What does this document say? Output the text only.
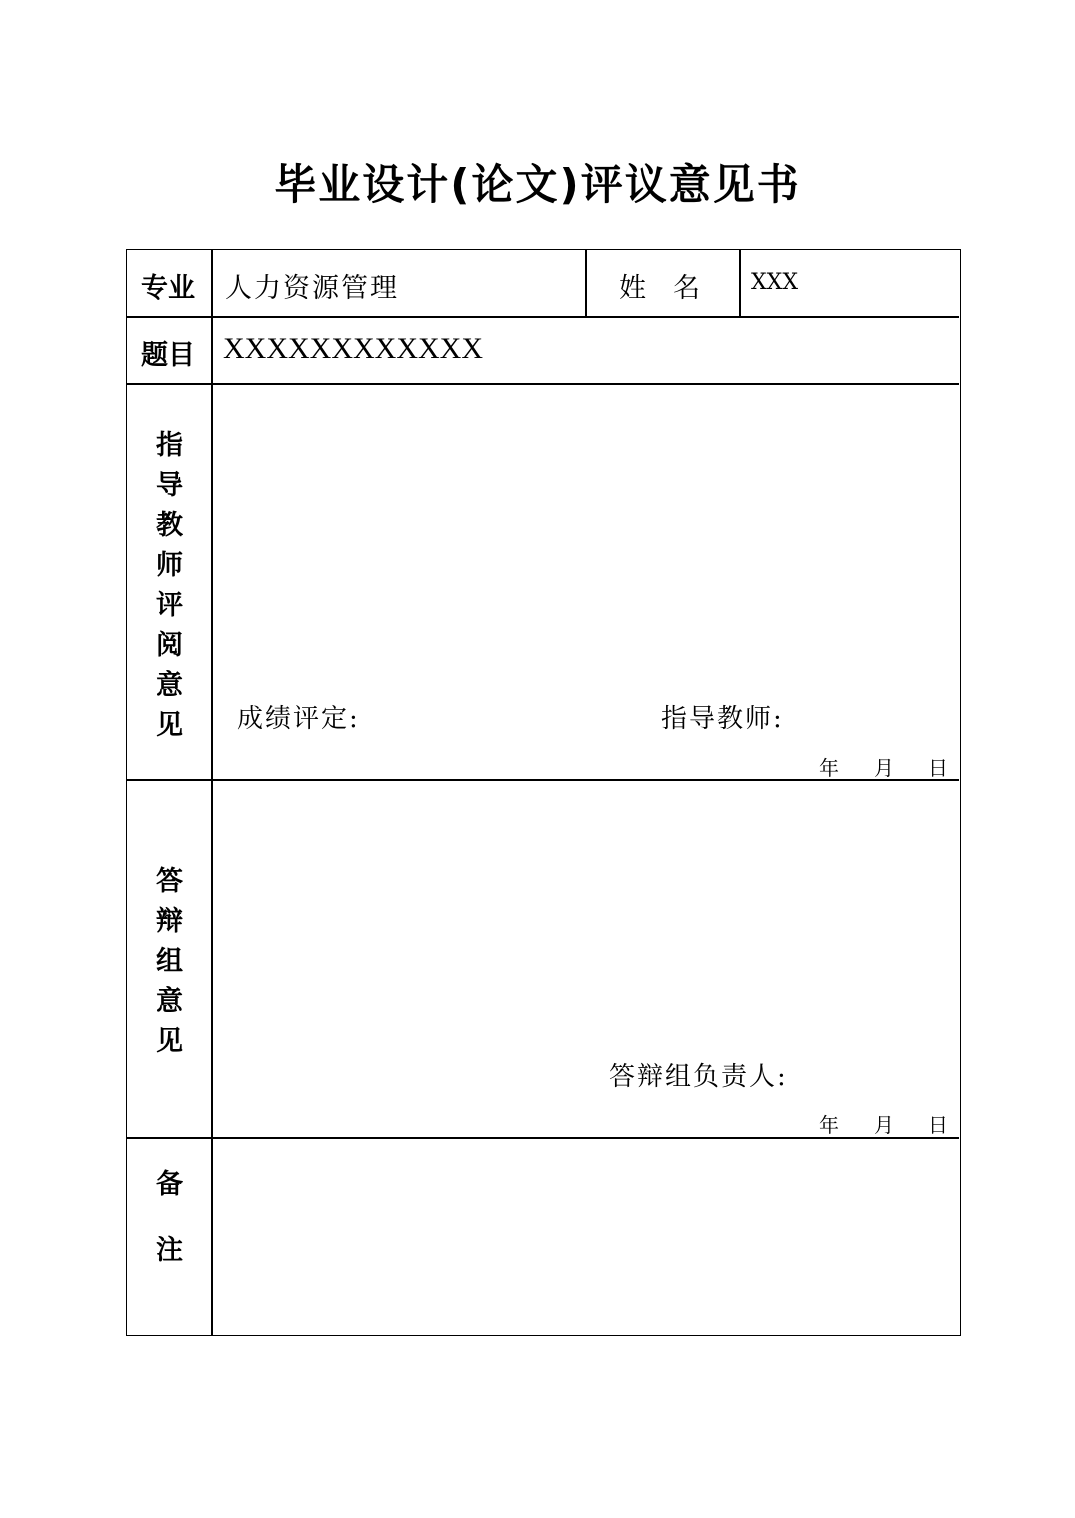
毕业设计(论文)评议意见书
专业 人力资源管理	姓　名 XXX
题目 XXXXXXXXXXXX
指
导
教
师
评
阅
意
见	成绩评定:	指导教师:
年 月 日
答
辩
组
意
见
答辩组负责人:
年 月 日
备
注
